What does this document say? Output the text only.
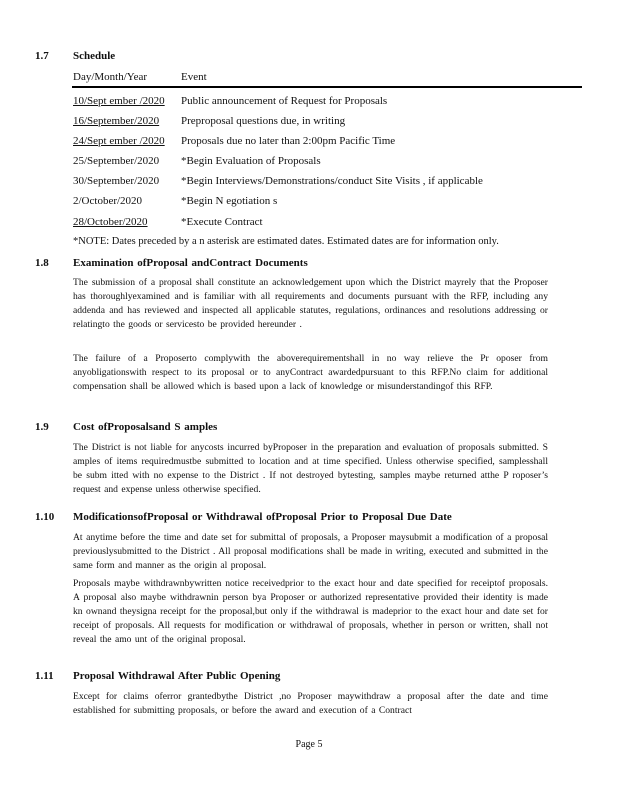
1.7 Schedule
Day/Month/Year	Event
10/Sept ember /2020 Public announcement of Request for Proposals
16/September/2020 Preproposal questions due, in writing
24/Sept ember /2020 Proposals due no later than 2:00pm Pacific Time
25/September/2020 *Begin Evaluation of Proposals
30/September/2020 *Begin Interviews/Demonstrations/conduct Site Visits , if applicable
2/October/2020	*Begin N egotiation s
28/October/2020	*Execute Contract
*NOTE: Dates preceded by a n asterisk are estimated dates. Estimated dates are for information only.
1.8 Examination ofProposal andContract Documents
The submission of a proposal shall constitute an acknowledgement upon which the District mayrely that the Proposer has thoroughlyexamined and is familiar with all requirements and documents pursuant with the RFP, including any addenda and has reviewed and inspected all applicable statutes, regulations, ordinances and resolutions addressing or relatingto the goods or servicesto be provided hereunder .
The failure of a Proposerto complywith the aboverequirementshall in no way relieve the Pr oposer from anyobligationswith respect to its proposal or to anyContract awardedpursuant to this RFP.No claim for additional compensation shall be allowed which is based upon a lack of knowledge or misunderstandingof this RFP.
1.9 Cost ofProposalsand S amples
The District is not liable for anycosts incurred byProposer in the preparation and evaluation of proposals submitted. S amples of items requiredmustbe submitted to location and at time specified. Unless otherwise specified, samplesshall be subm itted with no expense to the District . If not destroyed bytesting, samples maybe returned atthe P roposer’s request and expense unless otherwise specified.
1.10 ModificationsofProposal or Withdrawal ofProposal Prior to Proposal Due Date
At anytime before the time and date set for submittal of proposals, a Proposer maysubmit a modification of a proposal previouslysubmitted to the District . All proposal modifications shall be made in writing, executed and submitted in the same form and manner as the origin al proposal.
Proposals maybe withdrawnbywritten notice receivedprior to the exact hour and date specified for receiptof proposals. A proposal also maybe withdrawnin person bya Proposer or authorized representative provided their identity is made kn ownand theysigna receipt for the proposal,but only if the withdrawal is madeprior to the exact hour and date set for receipt of proposals. All requests for modification or withdrawal of proposals, whether in person or written, shall not reveal the amo unt of the original proposal.
1.11 Proposal Withdrawal After Public Opening
Except for claims oferror grantedbythe District ,no Proposer maywithdraw a proposal after the date and time established for submitting proposals, or before the award and execution of a Contract
Page 5
